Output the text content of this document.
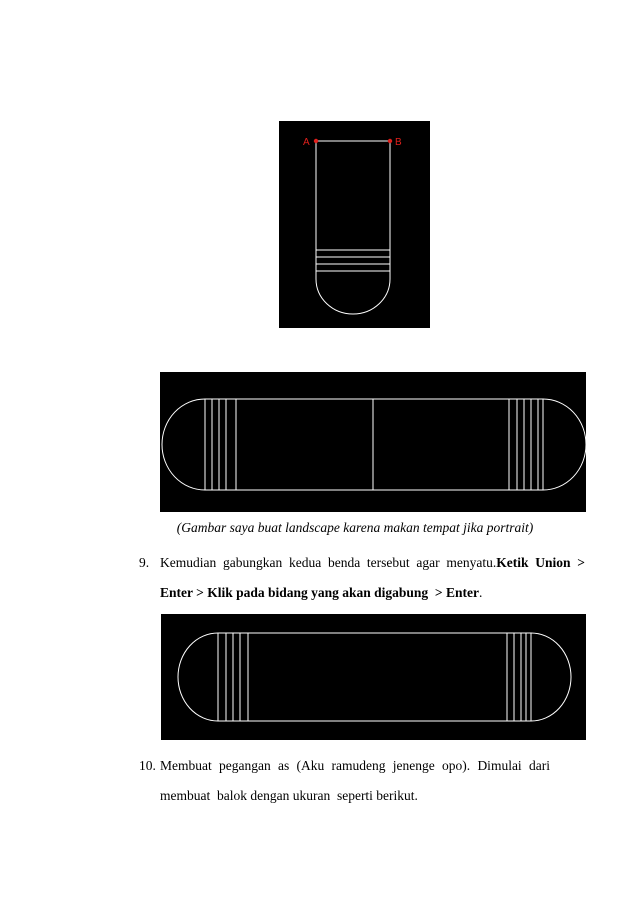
A	B
(Gambar saya buat landscape karena makan tempat jika portrait)
9. Kemudian  gabungkan  kedua  benda  tersebut  agar  menyatu. Ketik  Union  >
Enter > Klik pada bidang yang akan digabung  > Enter.
10. Membuat pegangan as (Aku ramudeng jenenge opo). Dimulai dari
membuat  balok dengan ukuran  seperti berikut.
